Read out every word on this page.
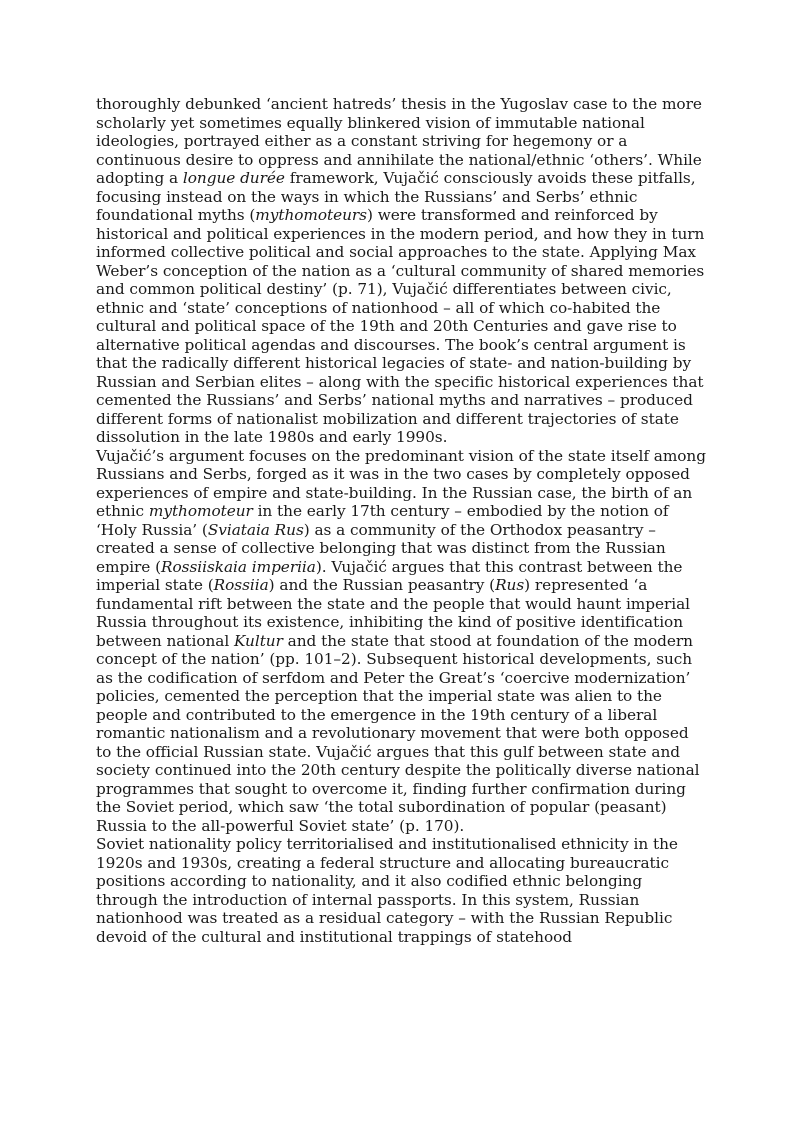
thoroughly debunked ‘ancient hatreds’ thesis in the Yugoslav case to the more scholarly yet sometimes equally blinkered vision of immutable national ideologies, portrayed either as a constant striving for hegemony or a continuous desire to oppress and annihilate the national/ethnic ‘others’. While adopting a longue durée framework, Vujačić consciously avoids these pitfalls, focusing instead on the ways in which the Russians’ and Serbs’ ethnic foundational myths (mythomoteurs) were transformed and reinforced by historical and political experiences in the modern period, and how they in turn informed collective political and social approaches to the state. Applying Max Weber’s conception of the nation as a ‘cultural community of shared memories and common political destiny’ (p. 71), Vujačić differentiates between civic, ethnic and ‘state’ conceptions of nationhood – all of which co-habited the cultural and political space of the 19th and 20th Centuries and gave rise to alternative political agendas and discourses. The book’s central argument is that the radically different historical legacies of state- and nation-building by Russian and Serbian elites – along with the specific historical experiences that cemented the Russians’ and Serbs’ national myths and narratives – produced different forms of nationalist mobilization and different trajectories of state dissolution in the late 1980s and early 1990s.

Vujačić’s argument focuses on the predominant vision of the state itself among Russians and Serbs, forged as it was in the two cases by completely opposed experiences of empire and state-building. In the Russian case, the birth of an ethnic mythomoteur in the early 17th century – embodied by the notion of ‘Holy Russia’ (Sviataia Rus) as a community of the Orthodox peasantry – created a sense of collective belonging that was distinct from the Russian empire (Rossiiskaia imperiia). Vujačić argues that this contrast between the imperial state (Rossiia) and the Russian peasantry (Rus) represented ‘a fundamental rift between the state and the people that would haunt imperial Russia throughout its existence, inhibiting the kind of positive identification between national Kultur and the state that stood at foundation of the modern concept of the nation’ (pp. 101–2). Subsequent historical developments, such as the codification of serfdom and Peter the Great’s ‘coercive modernization’ policies, cemented the perception that the imperial state was alien to the people and contributed to the emergence in the 19th century of a liberal romantic nationalism and a revolutionary movement that were both opposed to the official Russian state. Vujačić argues that this gulf between state and society continued into the 20th century despite the politically diverse national programmes that sought to overcome it, finding further confirmation during the Soviet period, which saw ‘the total subordination of popular (peasant) Russia to the all-powerful Soviet state’ (p. 170).

Soviet nationality policy territorialised and institutionalised ethnicity in the 1920s and 1930s, creating a federal structure and allocating bureaucratic positions according to nationality, and it also codified ethnic belonging through the introduction of internal passports. In this system, Russian nationhood was treated as a residual category – with the Russian Republic devoid of the cultural and institutional trappings of statehood
